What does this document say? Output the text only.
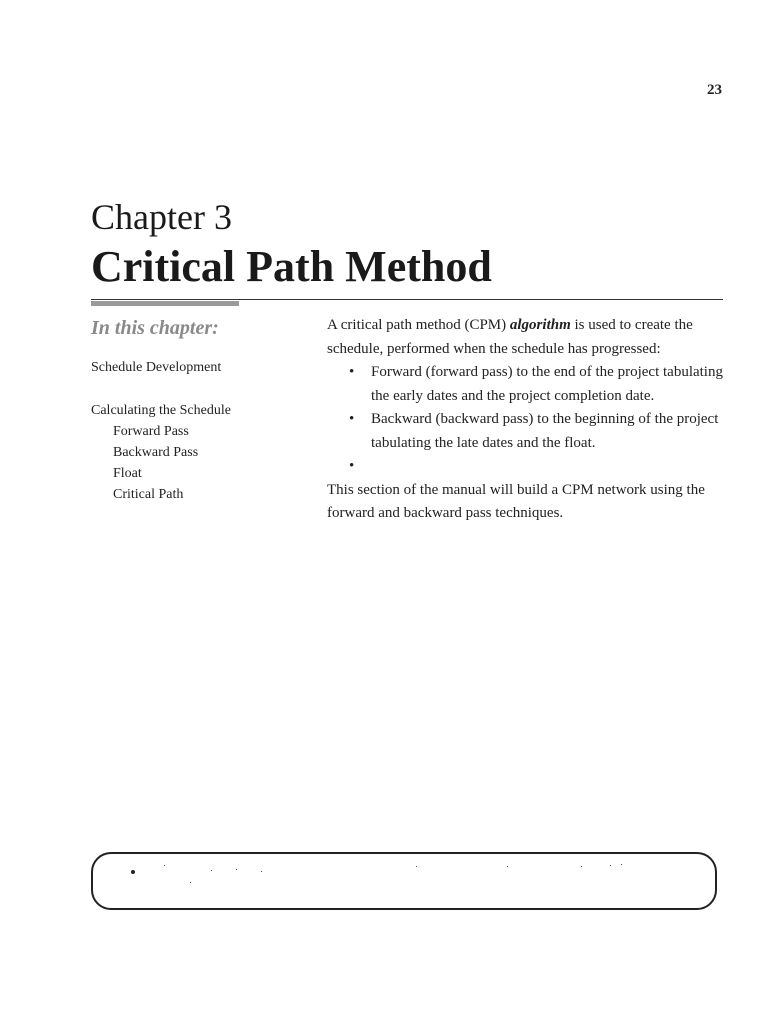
23
Chapter 3
Critical Path Method
In this chapter:
Schedule Development
Calculating the Schedule
Forward Pass
Backward Pass
Float
Critical Path

A critical path method (CPM) algorithm is used to create the schedule, performed when the schedule has progressed:

•	Forward (forward pass) to the end of the project tabulating the early dates and the project completion date.
•	Backward (backward pass) to the beginning of the project tabulating the late dates and the float.
•

This section of the manual will build a CPM network using the forward and backward pass techniques.
